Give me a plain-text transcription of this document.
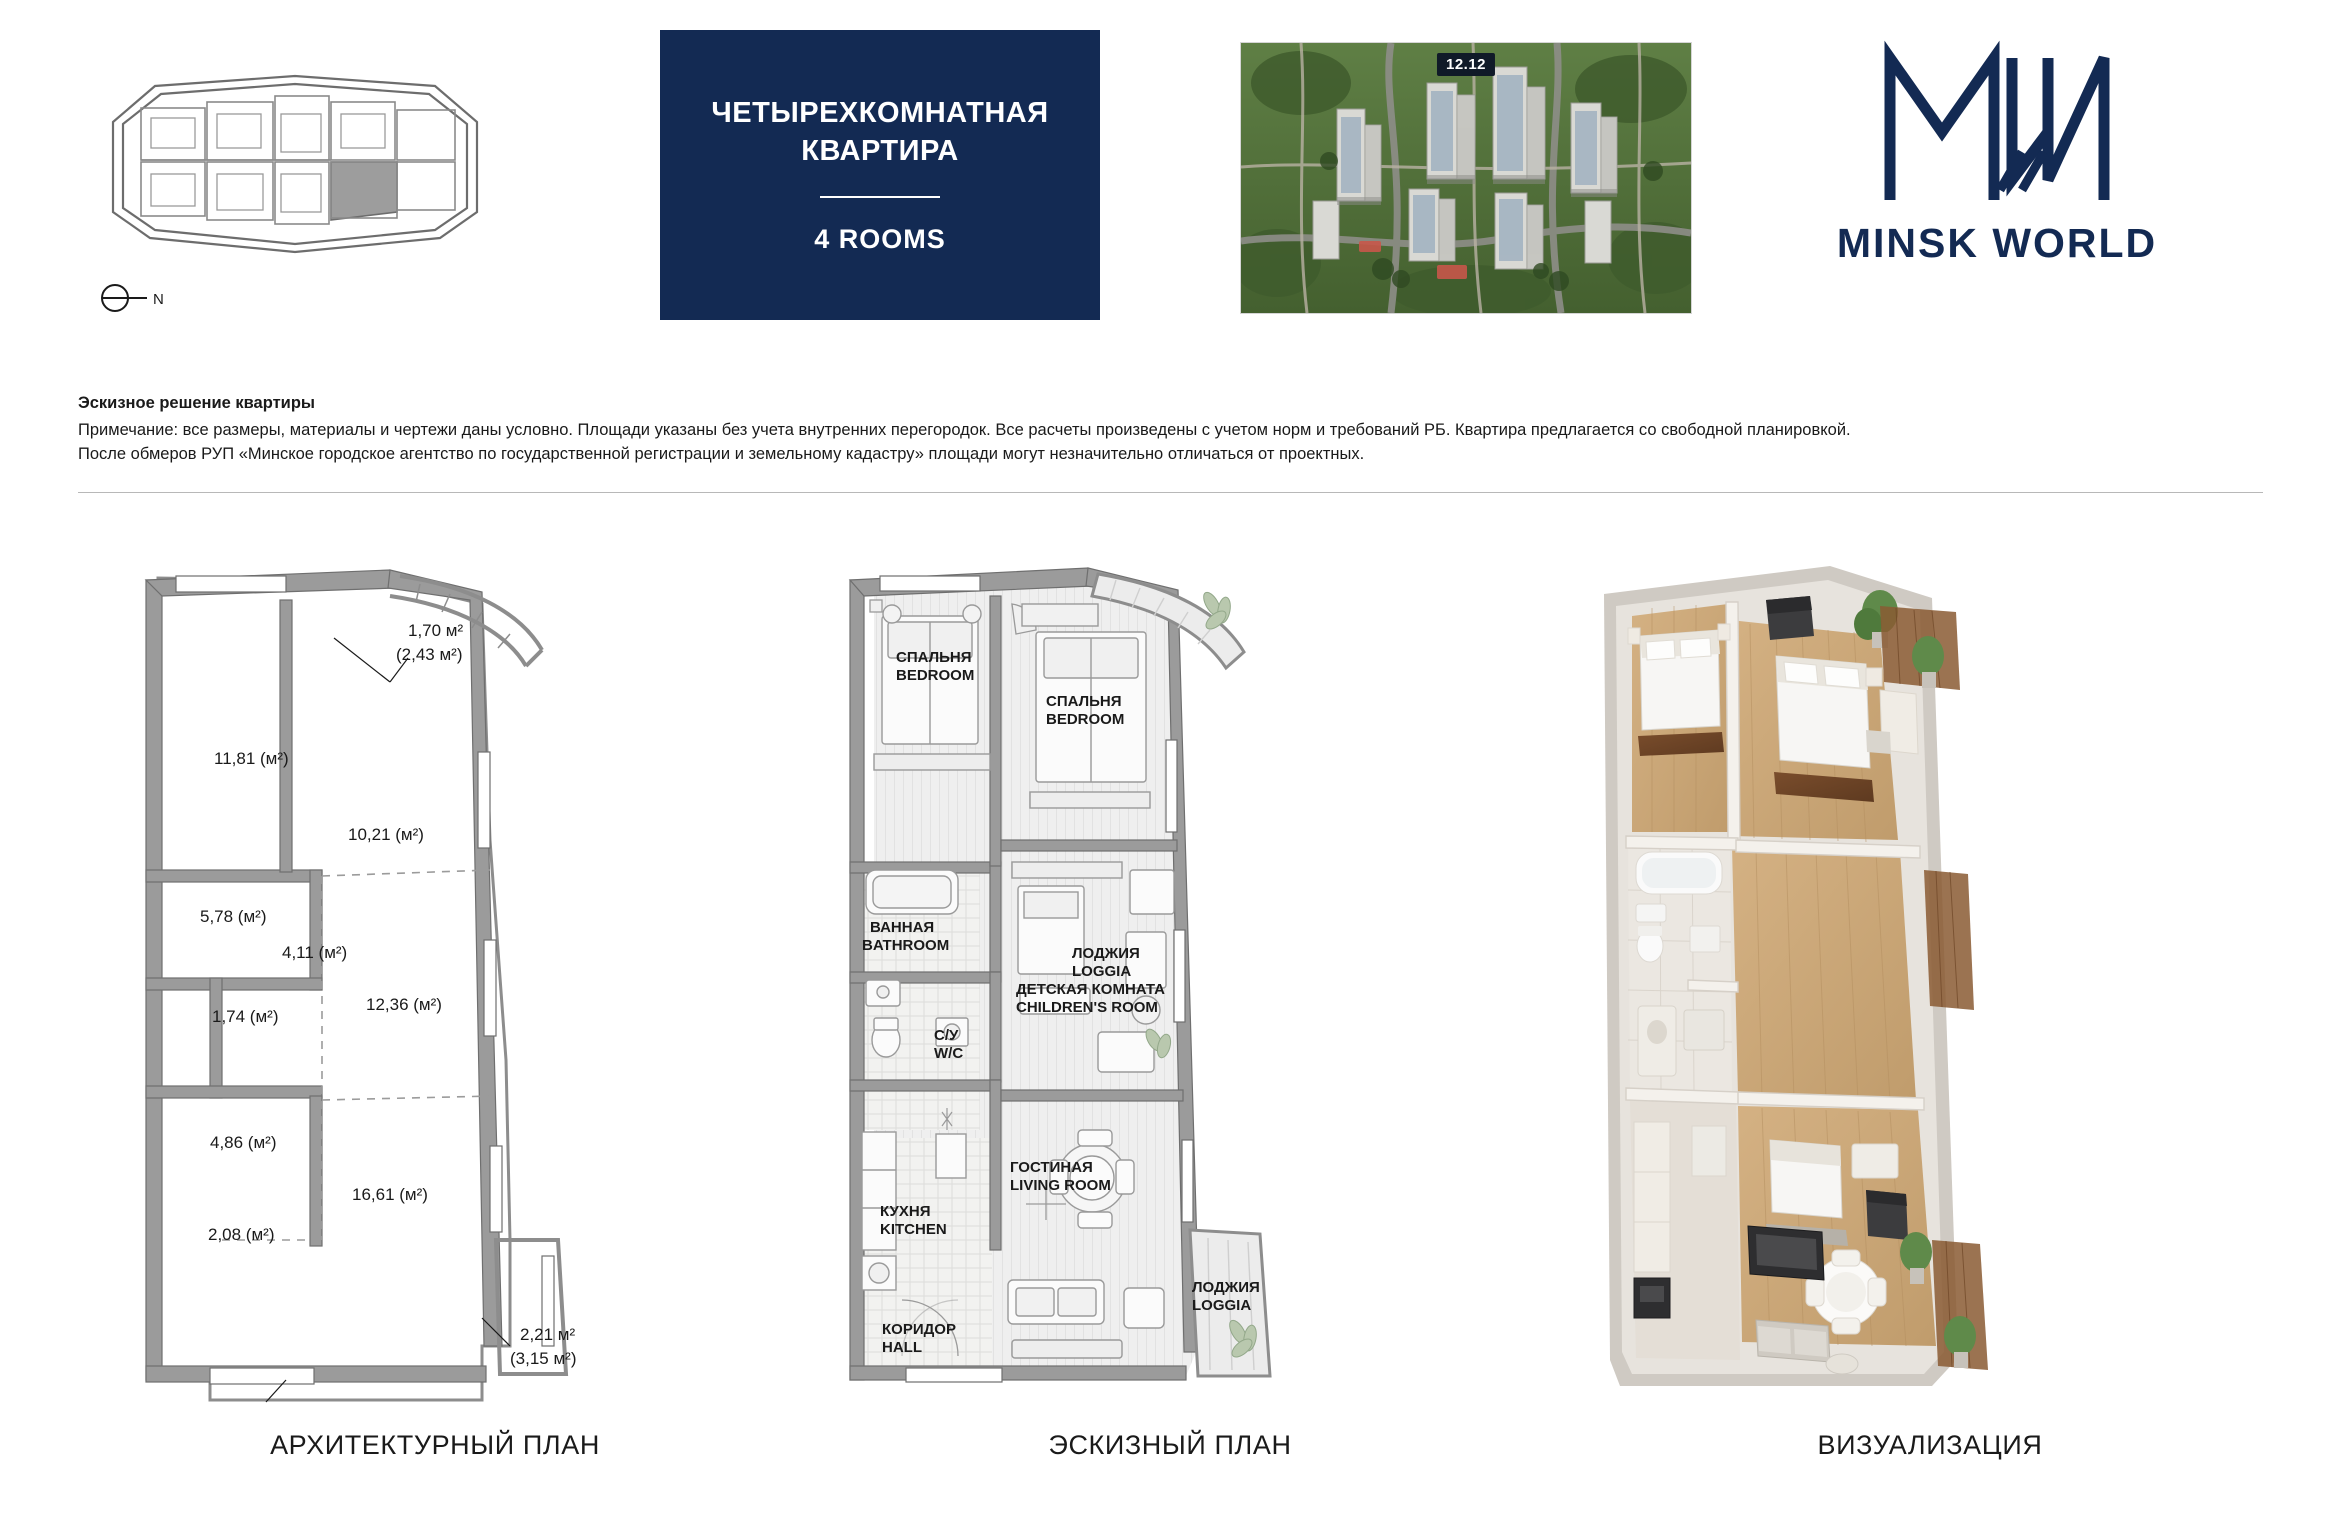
N
ЧЕТЫРЕХКОМНАТНАЯ
КВАРТИРА
4 ROOMS
12.12
MINSK WORLD
Эскизное решение квартиры

Примечание: все размеры, материалы и чертежи даны условно. Площади указаны без учета внутренних перегородок. Все расчеты произведены с учетом норм и требований РБ. Квартира предлагается со свободной планировкой.

После обмеров РУП «Минское городское агентство по государственной регистрации и земельному кадастру» площади могут незначительно отличаться от проектных.

11,81 (м²)
10,21 (м²)
5,78 (м²)
4,11 (м²)
1,74 (м²)
12,36 (м²)
4,86 (м²)
16,61 (м²)
2,08 (м²)
1,70 м²
(2,43 м²)
2,21 м²
(3,15 м²)
ЛОДЖИЯ
LOGGIA
СПАЛЬНЯ
BEDROOM
СПАЛЬНЯ
BEDROOM
ВАННАЯ
BATHROOM
С/У
W/C
ДЕТСКАЯ КОМНАТА
CHILDREN'S ROOM
КУХНЯ
KITCHEN
ГОСТИНАЯ
LIVING ROOM
КОРИДОР
HALL
ЛОДЖИЯ
LOGGIA
АРХИТЕКТУРНЫЙ ПЛАН	ЭСКИЗНЫЙ ПЛАН	ВИЗУАЛИЗАЦИЯ
